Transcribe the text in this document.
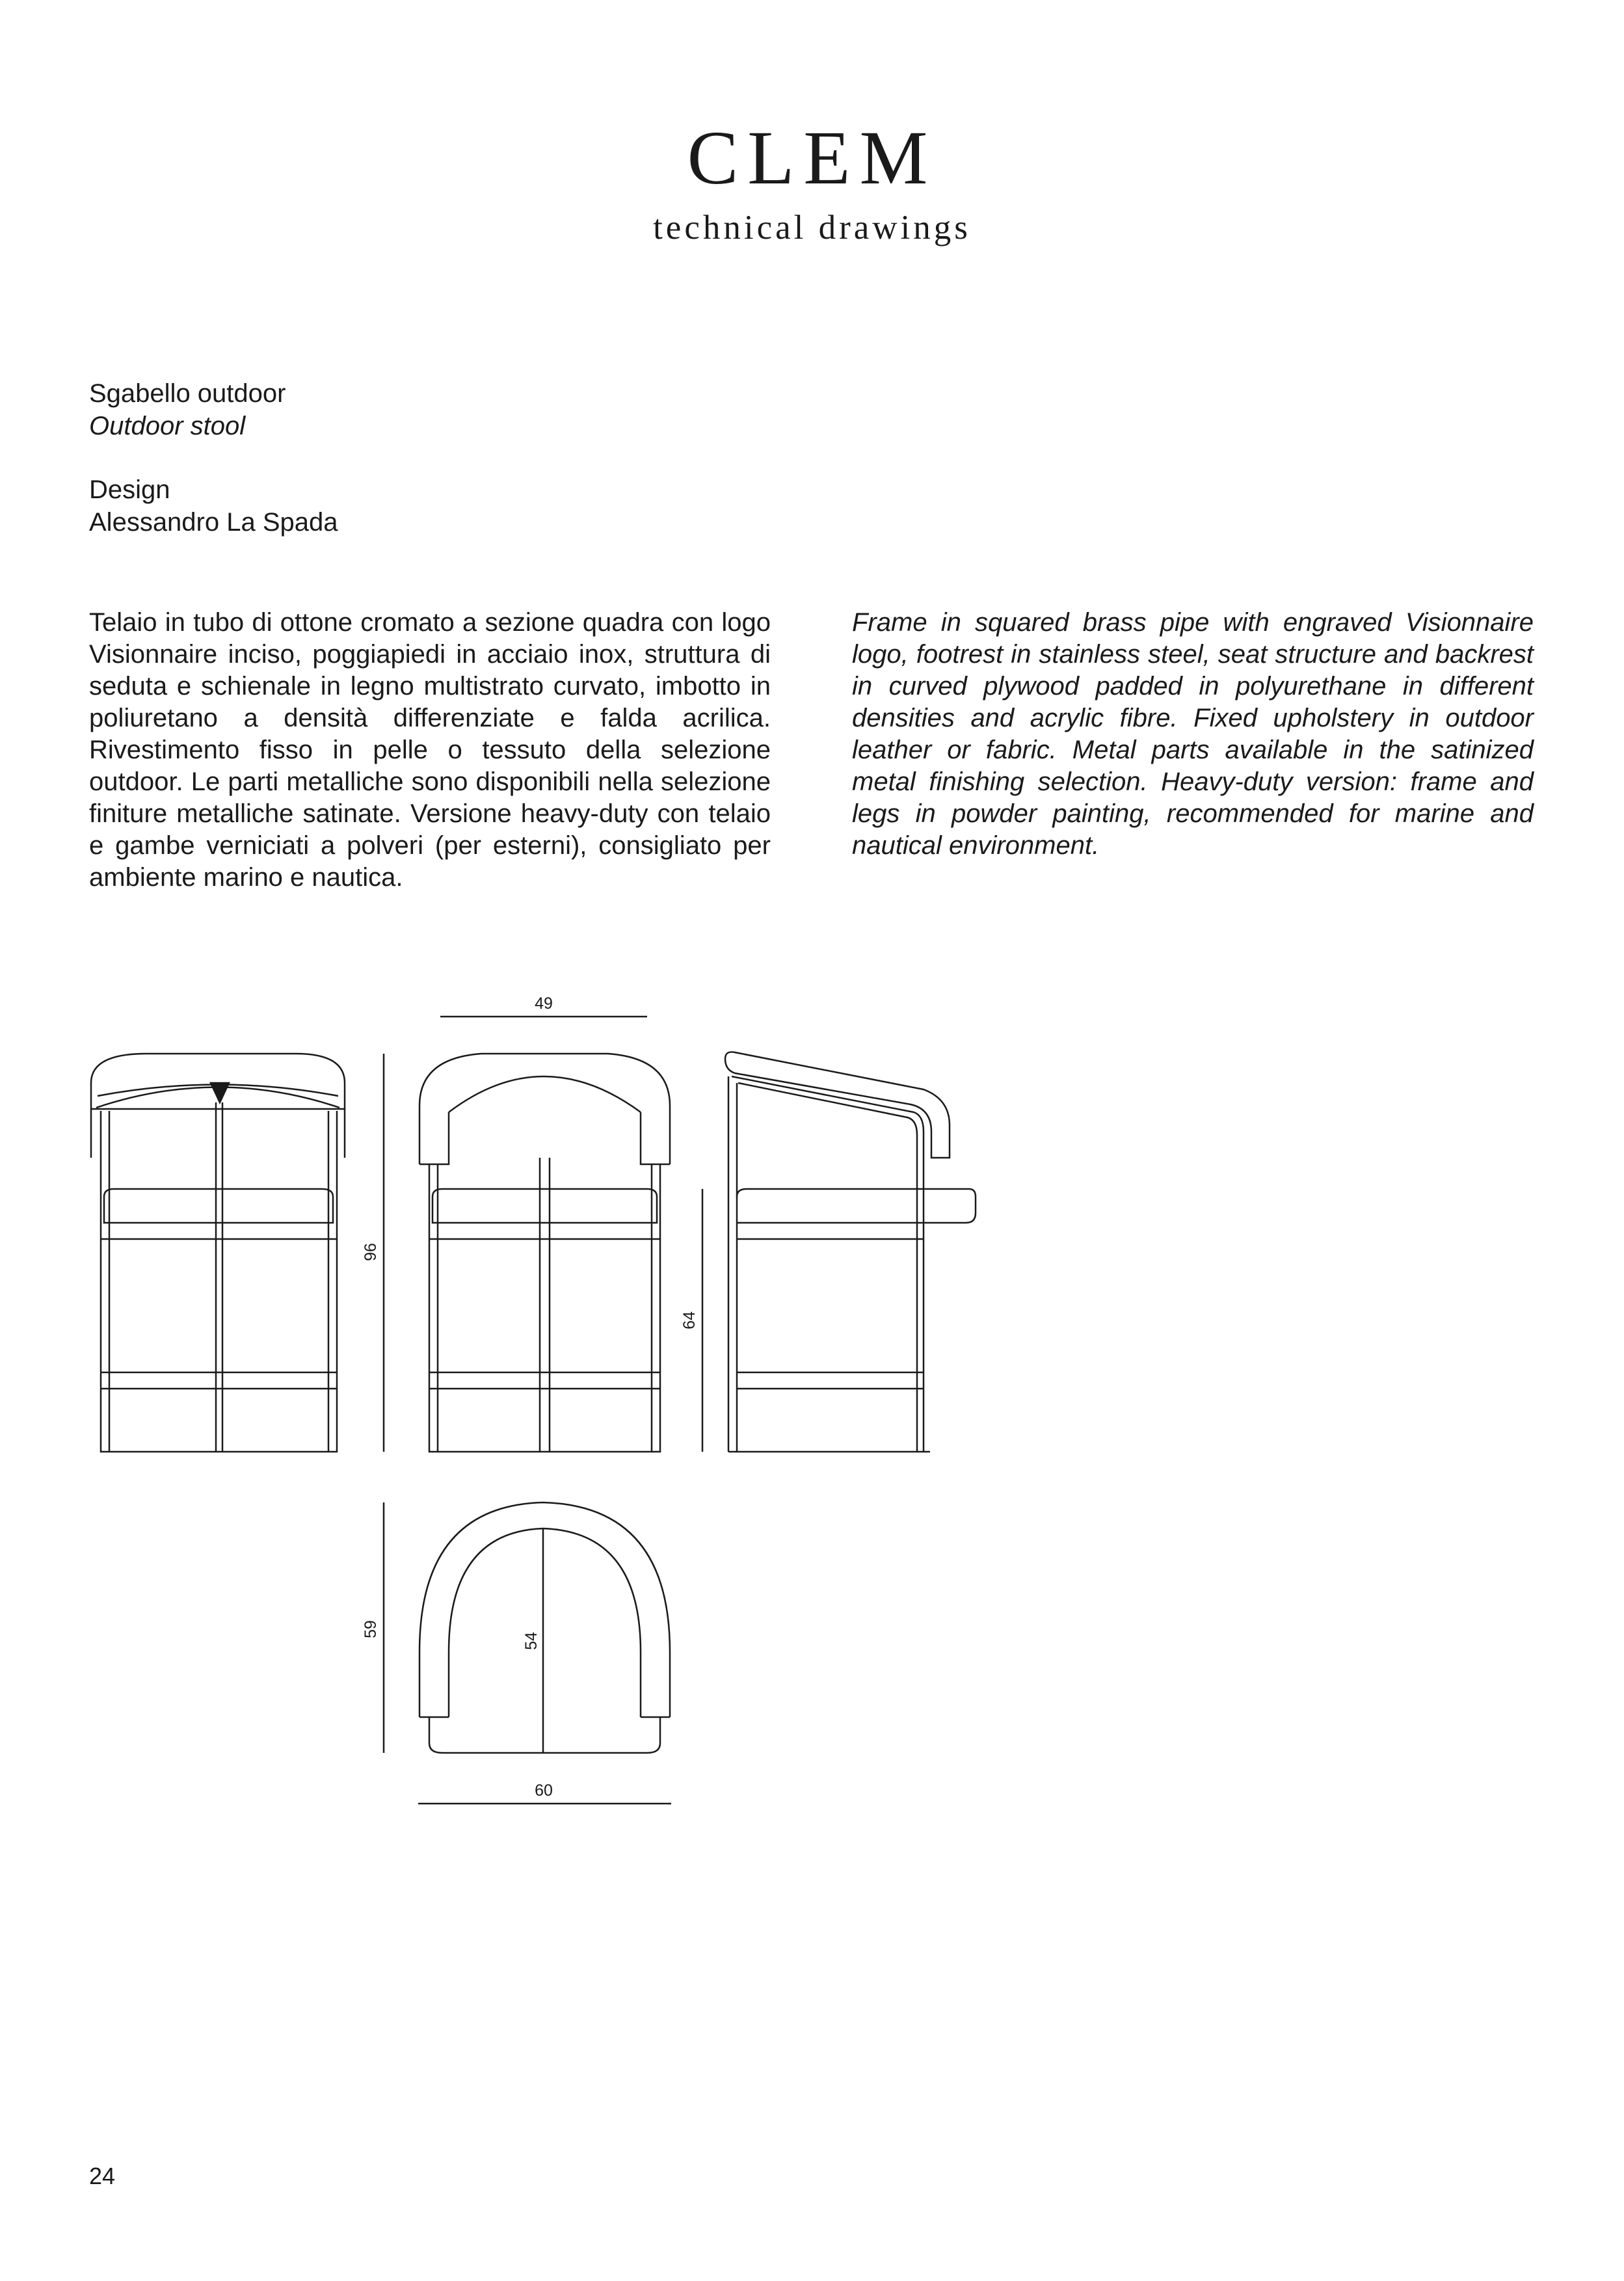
CLEM
technical drawings
Sgabello outdoor
Outdoor stool
Design
Alessandro La Spada

Telaio in tubo di ottone cromato a sezione quadra con logo Visionnaire inciso, poggiapiedi in acciaio inox, struttura di seduta e schienale in legno multistrato curvato, imbotto in poliuretano a densità differenziate e falda acrilica. Rivestimento fisso in pelle o tessuto della selezione outdoor. Le parti metalliche sono disponibili nella selezione finiture metalliche satinate. Versione heavy-duty con telaio e gambe verniciati a polveri (per esterni), consigliato per ambiente marino e nautica.

Frame in squared brass pipe with engraved Visionnaire logo, footrest in stainless steel, seat structure and backrest in curved plywood padded in polyurethane in different densities and acrylic fibre. Fixed upholstery in outdoor leather or fabric. Metal parts available in the satinized metal finishing selection. Heavy-duty version: frame and legs in powder painting, recommended for marine and nautical environment.

96
49
64
59
54
60
24
